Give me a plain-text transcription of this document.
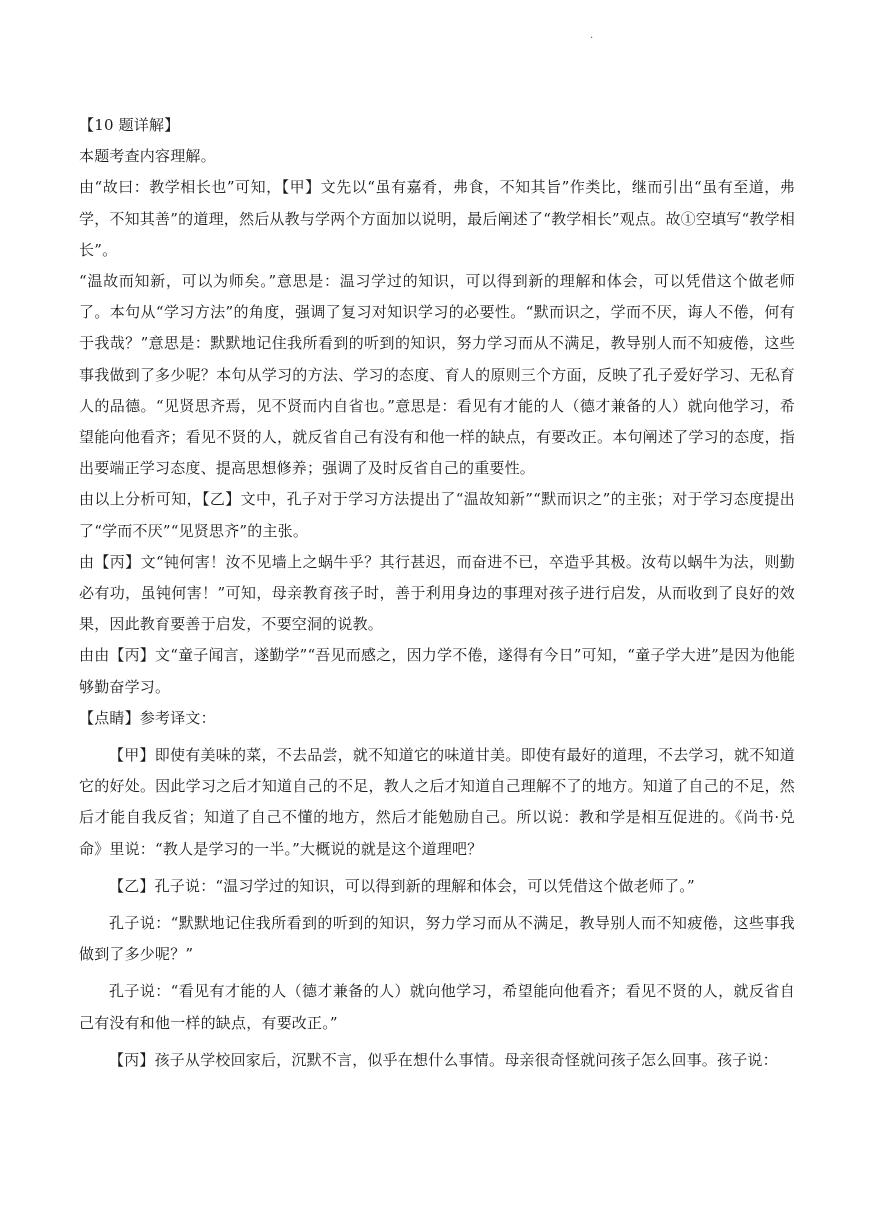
.

【10 题详解】

本题考查内容理解。

由“故曰：教学相长也”可知，【甲】文先以“虽有嘉肴，弗食，不知其旨”作类比，继而引出“虽有至道，弗学，不知其善”的道理，然后从教与学两个方面加以说明，最后阐述了“教学相长”观点。故①空填写“教学相长”。

“温故而知新，可以为师矣。”意思是：温习学过的知识，可以得到新的理解和体会，可以凭借这个做老师了。本句从“学习方法”的角度，强调了复习对知识学习的必要性。“默而识之，学而不厌，诲人不倦，何有于我哉？”意思是：默默地记住我所看到的听到的知识，努力学习而从不满足，教导别人而不知疲倦，这些事我做到了多少呢？本句从学习的方法、学习的态度、育人的原则三个方面，反映了孔子爱好学习、无私育人的品德。“见贤思齐焉，见不贤而内自省也。”意思是：看见有才能的人（德才兼备的人）就向他学习，希望能向他看齐；看见不贤的人，就反省自己有没有和他一样的缺点，有要改正。本句阐述了学习的态度，指出要端正学习态度、提高思想修养；强调了及时反省自己的重要性。

由以上分析可知，【乙】文中，孔子对于学习方法提出了“温故知新”“默而识之”的主张；对于学习态度提出了“学而不厌”“见贤思齐”的主张。

由【丙】文“钝何害！汝不见墙上之蜗牛乎？其行甚迟，而奋进不已，卒造乎其极。汝苟以蜗牛为法，则勤必有功，虽钝何害！”可知，母亲教育孩子时，善于利用身边的事理对孩子进行启发，从而收到了良好的效果，因此教育要善于启发，不要空洞的说教。

由由【丙】文“童子闻言，遂勤学”“吾见而感之，因力学不倦，遂得有今日”可知，“童子学大进”是因为他能够勤奋学习。

【点睛】参考译文：

【甲】即使有美味的菜，不去品尝，就不知道它的味道甘美。即使有最好的道理，不去学习，就不知道它的好处。因此学习之后才知道自己的不足，教人之后才知道自己理解不了的地方。知道了自己的不足，然后才能自我反省；知道了自己不懂的地方，然后才能勉励自己。所以说：教和学是相互促进的。《尚书·兑命》里说：“教人是学习的一半。”大概说的就是这个道理吧？

【乙】孔子说：“温习学过的知识，可以得到新的理解和体会，可以凭借这个做老师了。”

孔子说：“默默地记住我所看到的听到的知识，努力学习而从不满足，教导别人而不知疲倦，这些事我做到了多少呢？”

孔子说：“看见有才能的人（德才兼备的人）就向他学习，希望能向他看齐；看见不贤的人，就反省自己有没有和他一样的缺点，有要改正。”

【丙】孩子从学校回家后，沉默不言，似乎在想什么事情。母亲很奇怪就问孩子怎么回事。孩子说：
